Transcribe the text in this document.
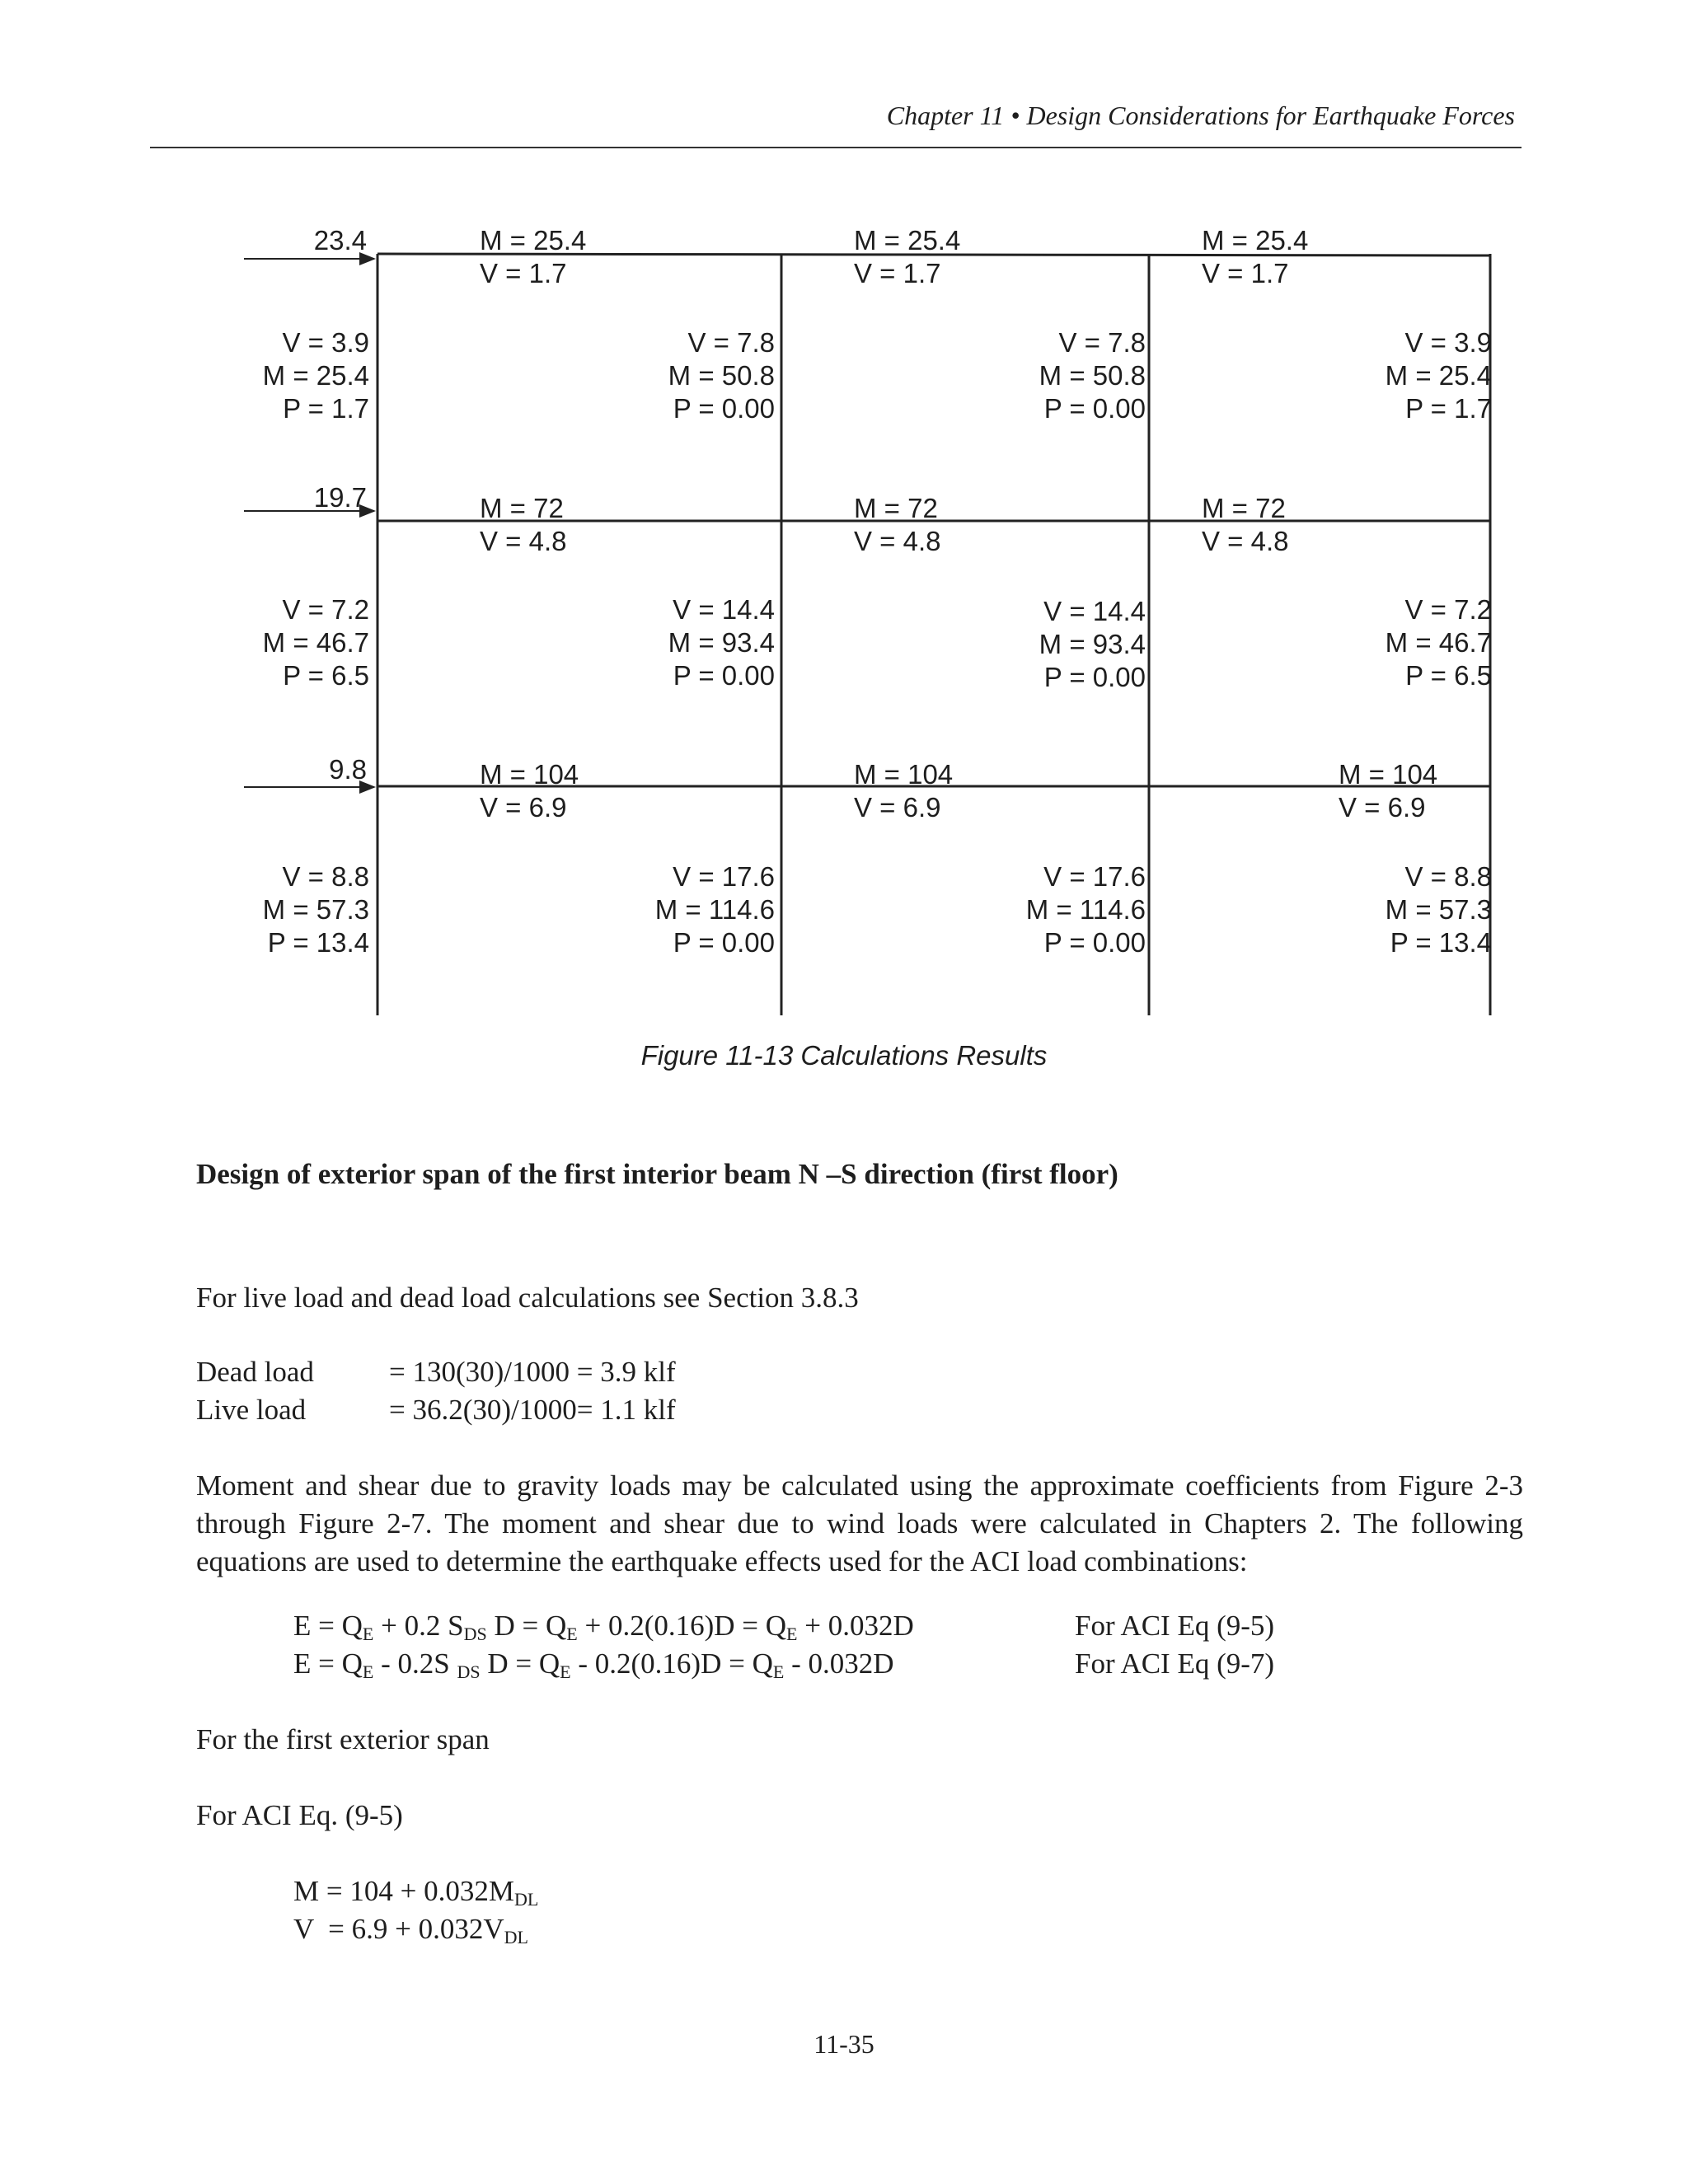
Chapter 11 • Design Considerations for Earthquake Forces
23.4
19.7
9.8
M = 25.4
V = 1.7
M = 25.4
V = 1.7
M = 25.4
V = 1.7
V = 3.9
M = 25.4
P = 1.7
V = 7.8
M = 50.8
P = 0.00
V = 7.8
M = 50.8
P = 0.00
V = 3.9
M = 25.4
P = 1.7
M = 72
V = 4.8
M = 72
V = 4.8
M = 72
V = 4.8
V = 7.2
M = 46.7
P = 6.5
V = 14.4
M = 93.4
P = 0.00
V = 14.4
M = 93.4
P = 0.00
V = 7.2
M = 46.7
P = 6.5
M = 104
V = 6.9
M = 104
V = 6.9
M = 104
V = 6.9
V = 8.8
M = 57.3
P = 13.4
V = 17.6
M = 114.6
P = 0.00
V = 17.6
M = 114.6
P = 0.00
V = 8.8
M = 57.3
P = 13.4
Figure 11-13 Calculations Results
Design of exterior span of the first interior beam N –S direction (first floor)
For live load and dead load calculations see Section 3.8.3
Dead load	= 130(30)/1000 = 3.9 klf
Live load	= 36.2(30)/1000= 1.1 klf
Moment and shear due to gravity loads may be calculated using the approximate coefficients from Figure 2-3 through Figure 2-7. The moment and shear due to wind loads were calculated in Chapters 2. The following equations are used to determine the earthquake effects used for the ACI load combinations:
$E = Q_E + 0.2$ $S_{DS}$ $D = Q_E + 0.2(0.16)D = Q_E + 0.032D$	For ACI Eq (9-5)
$E = Q_E - 0.2S$ $_{DS}$ $D = Q_E - 0.2(0.16)D = Q_E - 0.032D$	For ACI Eq (9-7)
For the first exterior span
For ACI Eq. (9-5)
$M = 104 + 0.032M_{DL}$
$V = 6.9 + 0.032V_{DL}$
11-35
